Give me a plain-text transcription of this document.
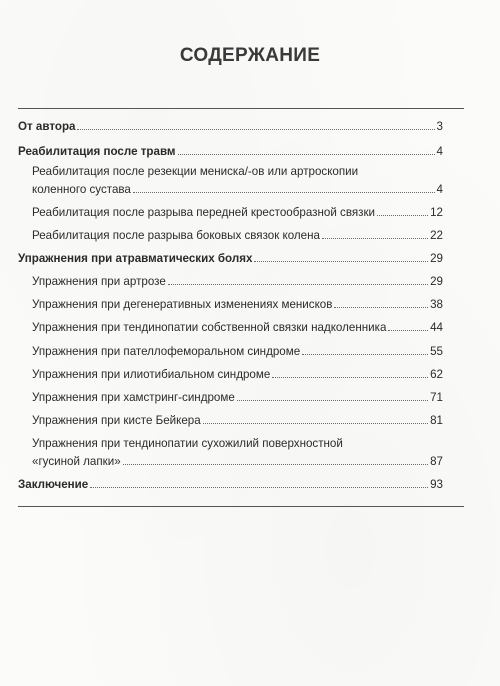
СОДЕРЖАНИЕ
От автора	3
Реабилитация после травм	4
Реабилитация после резекции мениска/-ов или артроскопии
коленного сустава	4
Реабилитация после разрыва передней крестообразной связки	12
Реабилитация после разрыва боковых связок колена	22
Упражнения при атравматических болях	29
Упражнения при артрозе	29
Упражнения при дегенеративных изменениях менисков	38
Упражнения при тендинопатии собственной связки надколенника	44
Упражнения при пателлофеморальном синдроме	55
Упражнения при илиотибиальном синдроме	62
Упражнения при хамстринг-синдроме	71
Упражнения при кисте Бейкера	81
Упражнения при тендинопатии сухожилий поверхностной
«гусиной лапки»	87
Заключение	93
